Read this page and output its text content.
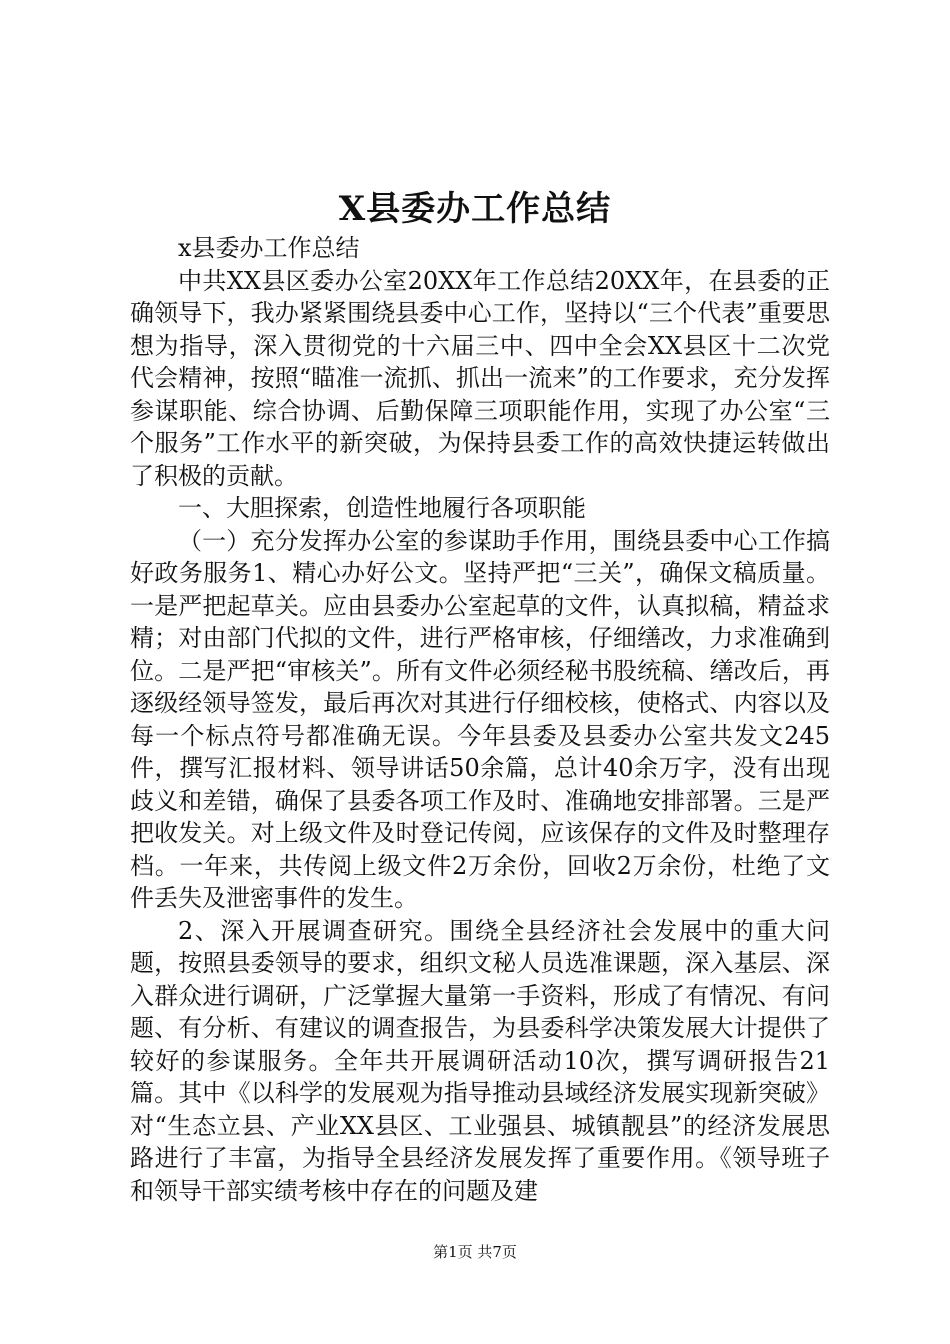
X县委办工作总结

x县委办工作总结

中共XX县区委办公室20XX年工作总结20XX年，在县委的正确领导下，我办紧紧围绕县委中心工作，坚持以“三个代表”重要思想为指导，深入贯彻党的十六届三中、四中全会XX县区十二次党代会精神，按照“瞄准一流抓、抓出一流来”的工作要求，充分发挥参谋职能、综合协调、后勤保障三项职能作用，实现了办公室“三个服务”工作水平的新突破，为保持县委工作的高效快捷运转做出了积极的贡献。

一、大胆探索，创造性地履行各项职能

（一）充分发挥办公室的参谋助手作用，围绕县委中心工作搞好政务服务1、精心办好公文。坚持严把“三关”，确保文稿质量。一是严把起草关。应由县委办公室起草的文件，认真拟稿，精益求精；对由部门代拟的文件，进行严格审核，仔细缮改，力求准确到位。二是严把“审核关”。所有文件必须经秘书股统稿、缮改后，再逐级经领导签发，最后再次对其进行仔细校核，使格式、内容以及每一个标点符号都准确无误。今年县委及县委办公室共发文245件，撰写汇报材料、领导讲话50余篇，总计40余万字，没有出现歧义和差错，确保了县委各项工作及时、准确地安排部署。三是严把收发关。对上级文件及时登记传阅，应该保存的文件及时整理存档。一年来，共传阅上级文件2万余份，回收2万余份，杜绝了文件丢失及泄密事件的发生。

2、深入开展调查研究。围绕全县经济社会发展中的重大问题，按照县委领导的要求，组织文秘人员选准课题，深入基层、深入群众进行调研，广泛掌握大量第一手资料，形成了有情况、有问题、有分析、有建议的调查报告，为县委科学决策发展大计提供了较好的参谋服务。全年共开展调研活动10次，撰写调研报告21篇。其中《以科学的发展观为指导推动县域经济发展实现新突破》对“生态立县、产业XX县区、工业强县、城镇靓县”的经济发展思路进行了丰富，为指导全县经济发展发挥了重要作用。《领导班子和领导干部实绩考核中存在的问题及建

第1页 共7页
